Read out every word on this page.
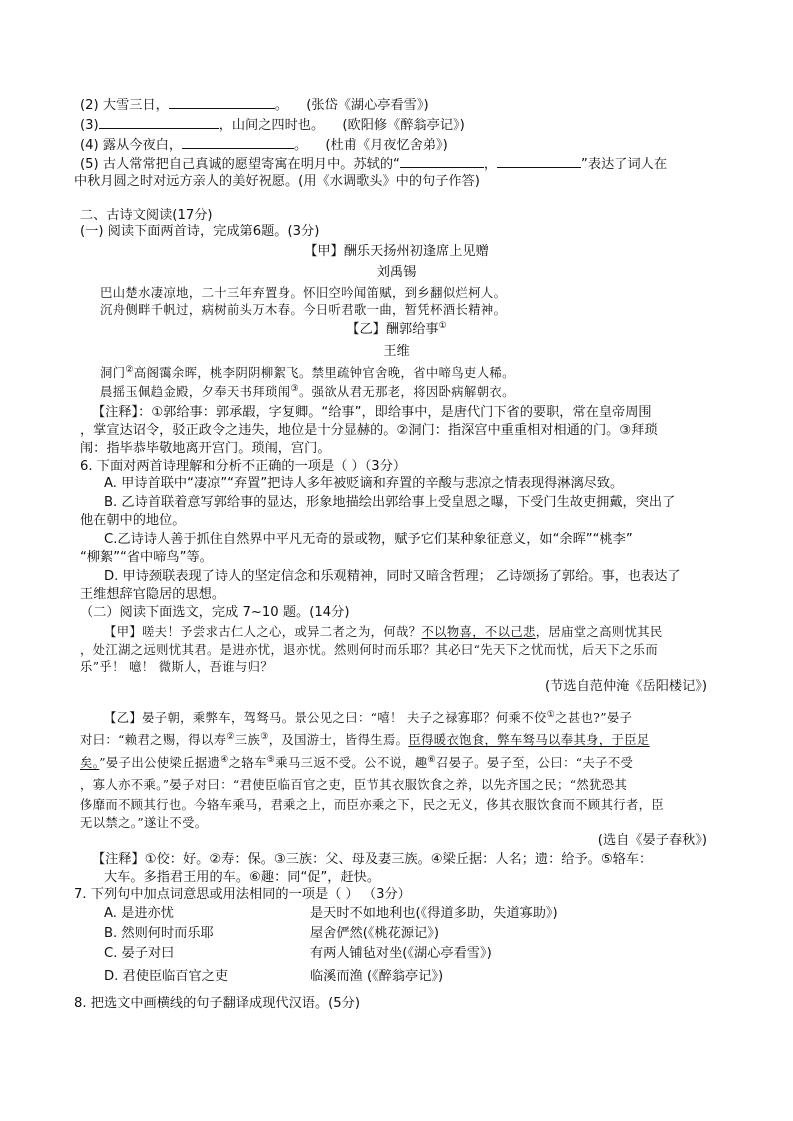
(2) 大雪三日，	。 (张岱《湖心亭看雪》)
(3)	，山间之四时也。 (欧阳修《醉翁亭记》)
(4) 露从今夜白，	。 (杜甫《月夜忆舍弟》)
(5) 古人常常把自己真诚的愿望寄寓在明月中。苏轼的“	，	”表达了词人在
中秋月圆之时对远方亲人的美好祝愿。(用《水调歌头》中的句子作答)
二、古诗文阅读(17分)
(一) 阅读下面两首诗，完成第6题。(3分)
【甲】酬乐天扬州初逢席上见赠
刘禹锡
巴山楚水凄凉地，二十三年弃置身。怀旧空吟闻笛赋，到乡翻似烂柯人。
沉舟侧畔千帆过，病树前头万木春。今日听君歌一曲，暂凭杯酒长精神。
【乙】酬郭给事①
王维
洞门②高阁霭余晖，桃李阴阴柳絮飞。禁里疏钟官舍晚，省中啼鸟吏人稀。
晨摇玉佩趋金殿，夕奉天书拜琐闱③。强欲从君无那老，将因卧病解朝衣。
【注释】：①郭给事：郭承嘏，字复卿。“给事”，即给事中，是唐代门下省的要职，常在皇帝周围
，掌宣达诏令，驳正政令之违失，地位是十分显赫的。②洞门：指深宫中重重相对相通的门。③拜琐
闱：指毕恭毕敬地离开宫门。琐闱，宫门。
6. 下面对两首诗理解和分析不正确的一项是（ ）（3分）
A. 甲诗首联中“凄凉”“弃置”把诗人多年被贬谪和弃置的辛酸与悲凉之情表现得淋漓尽致。
B. 乙诗首联着意写郭给事的显达，形象地描绘出郭给事上受皇恩之曝，下受门生故吏拥戴，突出了
他在朝中的地位。
C.乙诗诗人善于抓住自然界中平凡无奇的景或物，赋予它们某种象征意义，如“余晖”“桃李”
“柳絮”“省中啼鸟”等。
D. 甲诗颈联表现了诗人的坚定信念和乐观精神，同时又暗含哲理； 乙诗颂扬了郭给。事，也表达了
王维想辞官隐居的思想。
（二）阅读下面选文，完成 7~10 题。(14分)
【甲】嗟夫！予尝求古仁人之心，或异二者之为，何哉？不以物喜，不以己悲，居庙堂之高则忧其民
，处江湖之远则忧其君。是进亦忧，退亦忧。然则何时而乐耶？其必曰“先天下之忧而忧，后天下之乐而
乐”乎！ 噫！ 微斯人，吾谁与归？
(节选自范仲淹《岳阳楼记》)
【乙】晏子朝，乘弊车，驾驽马。景公见之曰：“嘻！ 夫子之禄寡耶？何乘不佼①之甚也?”晏子
对曰：“赖君之赐，得以寿②三族③，及国游士，皆得生焉。臣得暖衣饱食，弊车驽马以奉其身，于臣足
矣。”晏子出公使梁丘据遗④之辂车⑤乘马三返不受。公不说，趣⑥召晏子。晏子至，公曰：“夫子不受
，寡人亦不乘。”晏子对曰：“君使臣临百官之吏，臣节其衣服饮食之养，以先齐国之民；“然犹恐其
侈靡而不顾其行也。今辂车乘马，君乘之上，而臣亦乘之下，民之无义，侈其衣服饮食而不顾其行者，臣
无以禁之。”遂让不受。
(选自《晏子春秋》)
【注释】①佼：好。②寿：保。③三族：父、母及妻三族。④梁丘据：人名；遗：给予。⑤辂车：
大车。多指君王用的车。⑥趣：同“促”，赶快。
7. 下列句中加点词意思或用法相同的一项是（ ） （3分）
A. 是进亦忧	是天时不如地利也(《得道多助，失道寡助》)
B. 然则何时而乐耶	屋舍俨然(《桃花源记》)
C. 晏子对曰	有两人铺毡对坐(《湖心亭看雪》)
D. 君使臣临百官之吏	临溪而渔 (《醉翁亭记》)
8. 把选文中画横线的句子翻译成现代汉语。(5分)
